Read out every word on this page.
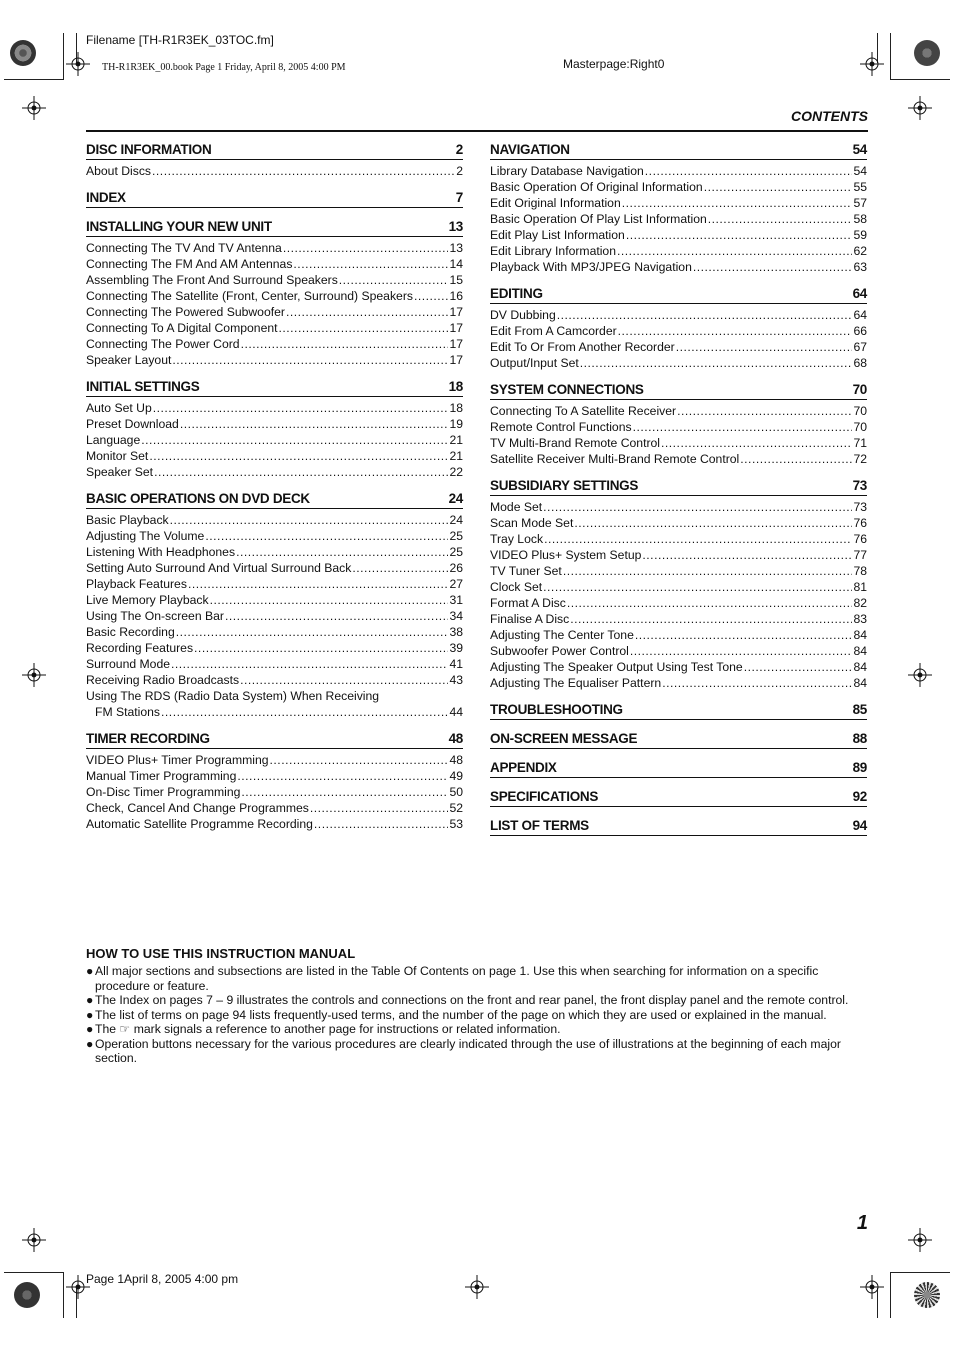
Filename [TH-R1R3EK_03TOC.fm]
TH-R1R3EK_00.book Page 1 Friday, April 8, 2005 4:00 PM	Masterpage:Right0
CONTENTS
DISC INFORMATION	2
About Discs .....	2
INDEX	7
INSTALLING YOUR NEW UNIT	13
Connecting The TV And TV Antenna .....	13
Connecting The FM And AM Antennas .....	14
Assembling The Front And Surround Speakers .....	15
Connecting The Satellite (Front, Center, Surround) Speakers .....	16
Connecting The Powered Subwoofer .....	17
Connecting To A Digital Component .....	17
Connecting The Power Cord .....	17
Speaker Layout .....	17
INITIAL SETTINGS	18
Auto Set Up .....	18
Preset Download .....	19
Language .....	21
Monitor Set .....	21
Speaker Set .....	22
BASIC OPERATIONS ON DVD DECK	24
Basic Playback .....	24
Adjusting The Volume .....	25
Listening With Headphones .....	25
Setting Auto Surround And Virtual Surround Back .....	26
Playback Features .....	27
Live Memory Playback .....	31
Using The On-screen Bar .....	34
Basic Recording .....	38
Recording Features .....	39
Surround Mode .....	41
Receiving Radio Broadcasts .....	43
Using The RDS (Radio Data System) When Receiving
FM Stations .....	44
TIMER RECORDING	48
VIDEO Plus+ Timer Programming .....	48
Manual Timer Programming .....	49
On-Disc Timer Programming .....	50
Check, Cancel And Change Programmes .....	52
Automatic Satellite Programme Recording .....	53
NAVIGATION	54
Library Database Navigation .....	54
Basic Operation Of Original Information .....	55
Edit Original Information .....	57
Basic Operation Of Play List Information .....	58
Edit Play List Information .....	59
Edit Library Information .....	62
Playback With MP3/JPEG Navigation .....	63
EDITING	64
DV Dubbing .....	64
Edit From A Camcorder .....	66
Edit To Or From Another Recorder .....	67
Output/Input Set .....	68
SYSTEM CONNECTIONS	70
Connecting To A Satellite Receiver .....	70
Remote Control Functions .....	70
TV Multi-Brand Remote Control .....	71
Satellite Receiver Multi-Brand Remote Control .....	72
SUBSIDIARY SETTINGS	73
Mode Set .....	73
Scan Mode Set .....	76
Tray Lock .....	76
VIDEO Plus+ System Setup .....	77
TV Tuner Set .....	78
Clock Set .....	81
Format A Disc .....	82
Finalise A Disc .....	83
Adjusting The Center Tone .....	84
Subwoofer Power Control .....	84
Adjusting The Speaker Output Using Test Tone .....	84
Adjusting The Equaliser Pattern .....	84
TROUBLESHOOTING	85
ON-SCREEN MESSAGE	88
APPENDIX	89
SPECIFICATIONS	92
LIST OF TERMS	94
HOW TO USE THIS INSTRUCTION MANUAL
● All major sections and subsections are listed in the Table Of Contents on page 1. Use this when searching for information on a specific procedure or feature.
● The Index on pages 7 – 9 illustrates the controls and connections on the front and rear panel, the front display panel and the remote control.
● The list of terms on page 94 lists frequently-used terms, and the number of the page on which they are used or explained in the manual.
● The ☞ mark signals a reference to another page for instructions or related information.
● Operation buttons necessary for the various procedures are clearly indicated through the use of illustrations at the beginning of each major section.
1
Page 1April 8, 2005 4:00 pm
